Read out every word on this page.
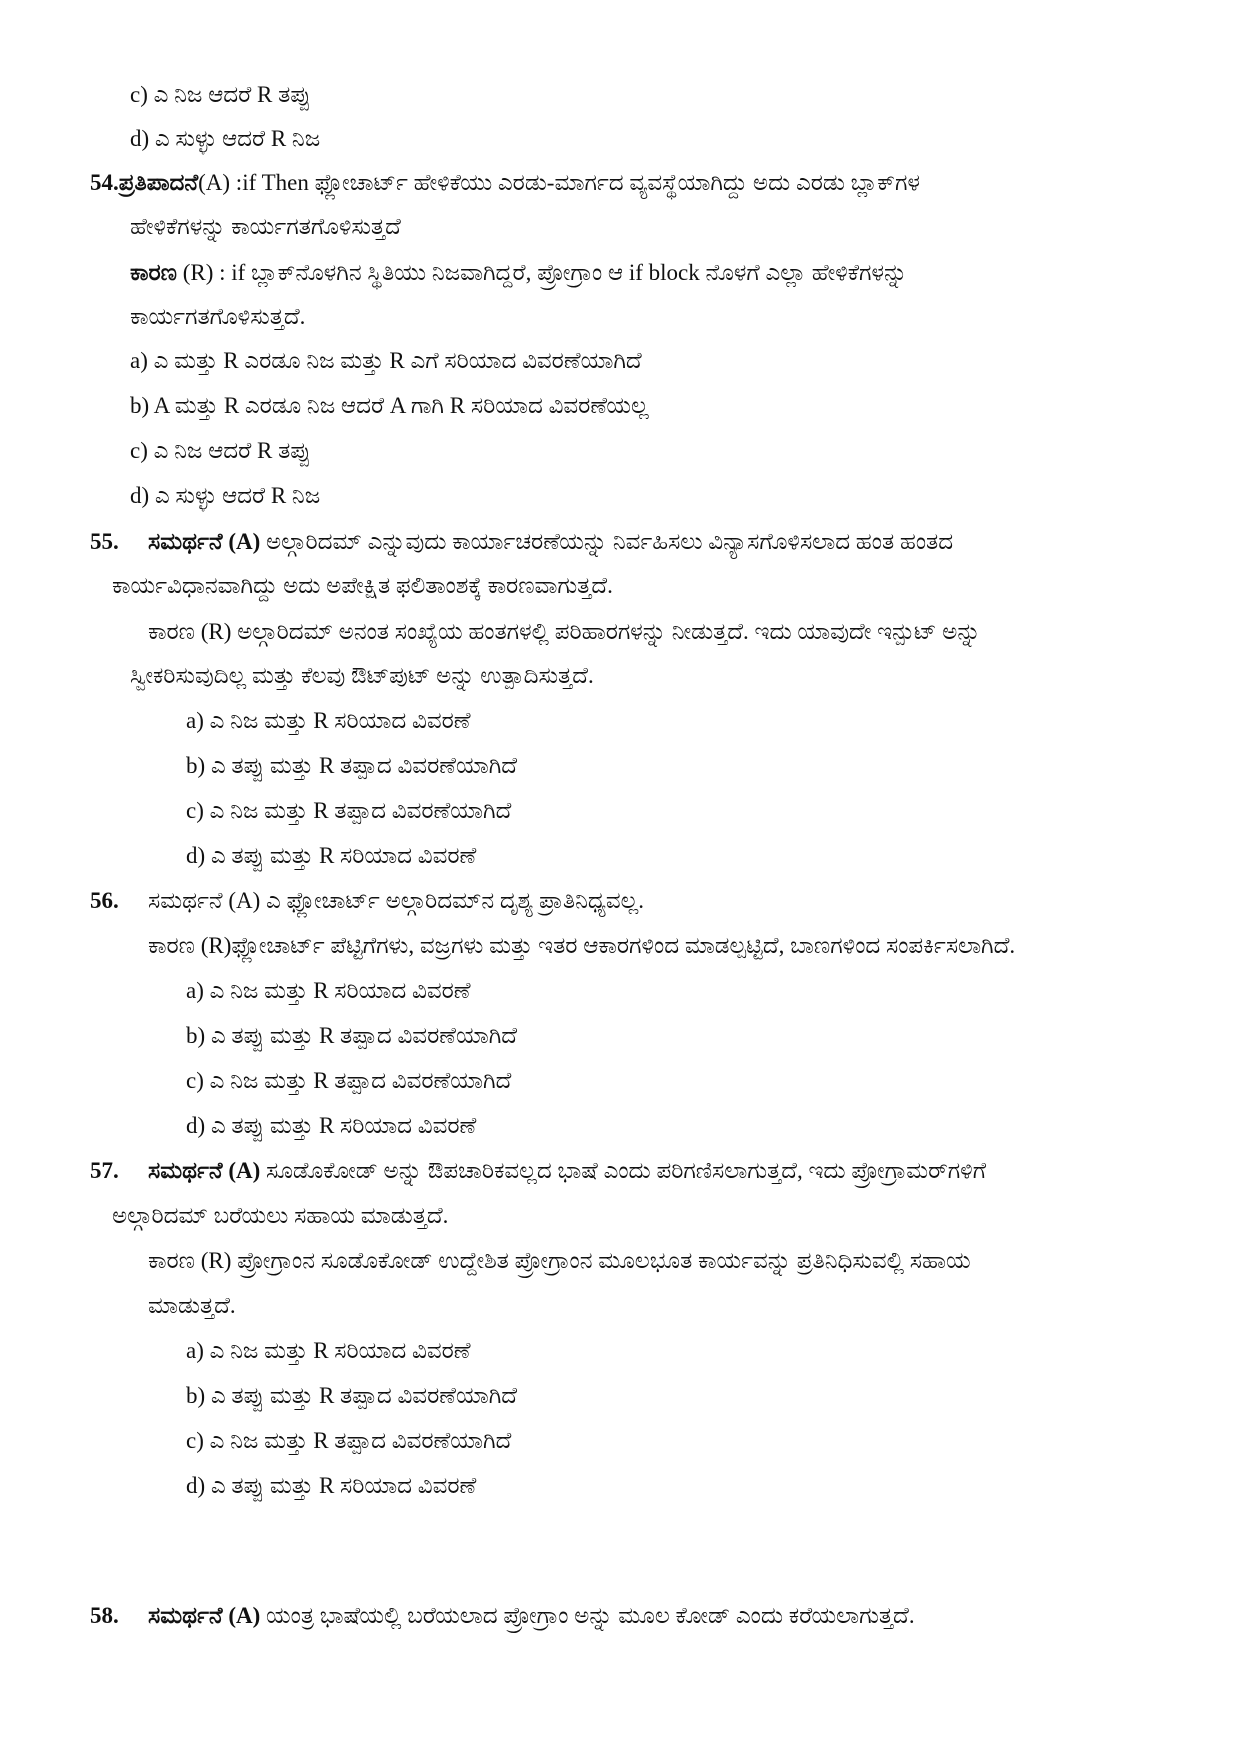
c) ಎ ನಿಜ ಆದರೆ R ತಪ್ಪು
d) ಎ ಸುಳ್ಳು ಆದರೆ R ನಿಜ
54.ಪ್ರತಿಪಾದನೆ(A) :if Then ಫ್ಲೋಚಾರ್ಟ್ ಹೇಳಿಕೆಯು ಎರಡು-ಮಾರ್ಗದ ವ್ಯವಸ್ಥೆಯಾಗಿದ್ದು ಅದು ಎರಡು ಬ್ಲಾಕ್‌ಗಳ
ಹೇಳಿಕೆಗಳನ್ನು ಕಾರ್ಯಗತಗೊಳಿಸುತ್ತದೆ
ಕಾರಣ (R) : if ಬ್ಲಾಕ್‌ನೊಳಗಿನ ಸ್ಥಿತಿಯು ನಿಜವಾಗಿದ್ದರೆ, ಪ್ರೋಗ್ರಾಂ ಆ if block ನೊಳಗೆ ಎಲ್ಲಾ ಹೇಳಿಕೆಗಳನ್ನು
ಕಾರ್ಯಗತಗೊಳಿಸುತ್ತದೆ.
a) ಎ ಮತ್ತು R ಎರಡೂ ನಿಜ ಮತ್ತು R ಎಗೆ ಸರಿಯಾದ ವಿವರಣೆಯಾಗಿದೆ
b) A ಮತ್ತು R ಎರಡೂ ನಿಜ ಆದರೆ A ಗಾಗಿ R ಸರಿಯಾದ ವಿವರಣೆಯಲ್ಲ
c) ಎ ನಿಜ ಆದರೆ R ತಪ್ಪು
d) ಎ ಸುಳ್ಳು ಆದರೆ R ನಿಜ
55. ಸಮರ್ಥನೆ (A) ಅಲ್ಗಾರಿದಮ್ ಎನ್ನುವುದು ಕಾರ್ಯಾಚರಣೆಯನ್ನು ನಿರ್ವಹಿಸಲು ವಿನ್ಯಾಸಗೊಳಿಸಲಾದ ಹಂತ ಹಂತದ
ಕಾರ್ಯವಿಧಾನವಾಗಿದ್ದು ಅದು ಅಪೇಕ್ಷಿತ ಫಲಿತಾಂಶಕ್ಕೆ ಕಾರಣವಾಗುತ್ತದೆ.
ಕಾರಣ (R) ಅಲ್ಗಾರಿದಮ್ ಅನಂತ ಸಂಖ್ಯೆಯ ಹಂತಗಳಲ್ಲಿ ಪರಿಹಾರಗಳನ್ನು ನೀಡುತ್ತದೆ. ಇದು ಯಾವುದೇ ಇನ್ಪುಟ್ ಅನ್ನು
ಸ್ವೀಕರಿಸುವುದಿಲ್ಲ ಮತ್ತು ಕೆಲವು ಔಟ್‌ಪುಟ್ ಅನ್ನು ಉತ್ಪಾದಿಸುತ್ತದೆ.
a) ಎ ನಿಜ ಮತ್ತು R ಸರಿಯಾದ ವಿವರಣೆ
b) ಎ ತಪ್ಪು ಮತ್ತು R ತಪ್ಪಾದ ವಿವರಣೆಯಾಗಿದೆ
c) ಎ ನಿಜ ಮತ್ತು R ತಪ್ಪಾದ ವಿವರಣೆಯಾಗಿದೆ
d) ಎ ತಪ್ಪು ಮತ್ತು R ಸರಿಯಾದ ವಿವರಣೆ
56. ಸಮರ್ಥನೆ (A) ಎ ಫ್ಲೋಚಾರ್ಟ್ ಅಲ್ಗಾರಿದಮ್‌ನ ದೃಶ್ಯ ಪ್ರಾತಿನಿಧ್ಯವಲ್ಲ.
ಕಾರಣ (R)ಫ್ಲೋಚಾರ್ಟ್ ಪೆಟ್ಟಿಗೆಗಳು, ವಜ್ರಗಳು ಮತ್ತು ಇತರ ಆಕಾರಗಳಿಂದ ಮಾಡಲ್ಪಟ್ಟಿದೆ, ಬಾಣಗಳಿಂದ ಸಂಪರ್ಕಿಸಲಾಗಿದೆ.
a) ಎ ನಿಜ ಮತ್ತು R ಸರಿಯಾದ ವಿವರಣೆ
b) ಎ ತಪ್ಪು ಮತ್ತು R ತಪ್ಪಾದ ವಿವರಣೆಯಾಗಿದೆ
c) ಎ ನಿಜ ಮತ್ತು R ತಪ್ಪಾದ ವಿವರಣೆಯಾಗಿದೆ
d) ಎ ತಪ್ಪು ಮತ್ತು R ಸರಿಯಾದ ವಿವರಣೆ
57. ಸಮರ್ಥನೆ (A) ಸೂಡೊಕೋಡ್ ಅನ್ನು ಔಪಚಾರಿಕವಲ್ಲದ ಭಾಷೆ ಎಂದು ಪರಿಗಣಿಸಲಾಗುತ್ತದೆ, ಇದು ಪ್ರೋಗ್ರಾಮರ್‌ಗಳಿಗೆ
ಅಲ್ಗಾರಿದಮ್ ಬರೆಯಲು ಸಹಾಯ ಮಾಡುತ್ತದೆ.
ಕಾರಣ (R) ಪ್ರೋಗ್ರಾಂನ ಸೂಡೊಕೋಡ್ ಉದ್ದೇಶಿತ ಪ್ರೋಗ್ರಾಂನ ಮೂಲಭೂತ ಕಾರ್ಯವನ್ನು ಪ್ರತಿನಿಧಿಸುವಲ್ಲಿ ಸಹಾಯ
ಮಾಡುತ್ತದೆ.
a) ಎ ನಿಜ ಮತ್ತು R ಸರಿಯಾದ ವಿವರಣೆ
b) ಎ ತಪ್ಪು ಮತ್ತು R ತಪ್ಪಾದ ವಿವರಣೆಯಾಗಿದೆ
c) ಎ ನಿಜ ಮತ್ತು R ತಪ್ಪಾದ ವಿವರಣೆಯಾಗಿದೆ
d) ಎ ತಪ್ಪು ಮತ್ತು R ಸರಿಯಾದ ವಿವರಣೆ
58. ಸಮರ್ಥನೆ (A) ಯಂತ್ರ ಭಾಷೆಯಲ್ಲಿ ಬರೆಯಲಾದ ಪ್ರೋಗ್ರಾಂ ಅನ್ನು ಮೂಲ ಕೋಡ್ ಎಂದು ಕರೆಯಲಾಗುತ್ತದೆ.
